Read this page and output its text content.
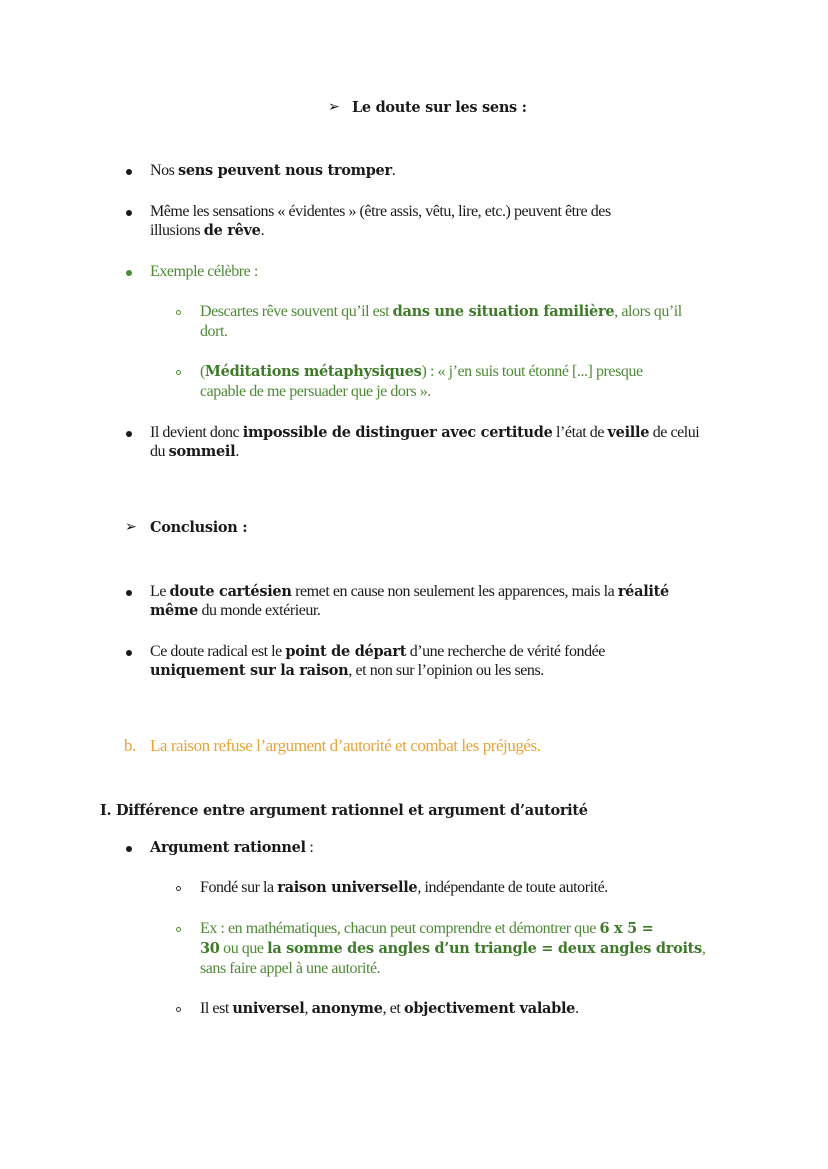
➢ Le doute sur les sens :
Nos sens peuvent nous tromper.
Même les sensations « évidentes » (être assis, vêtu, lire, etc.) peuvent être des
illusions de rêve.
Exemple célèbre :
Descartes rêve souvent qu’il est dans une situation familière, alors qu’il
dort.
(Méditations métaphysiques) : « j’en suis tout étonné [...] presque
capable de me persuader que je dors ».
Il devient donc impossible de distinguer avec certitude l’état de veille de celui
du sommeil.
➢ Conclusion :
Le doute cartésien remet en cause non seulement les apparences, mais la réalité
même du monde extérieur.
Ce doute radical est le point de départ d’une recherche de vérité fondée
uniquement sur la raison, et non sur l’opinion ou les sens.
b. La raison refuse l’argument d’autorité et combat les préjugés.
I. Différence entre argument rationnel et argument d’autorité
Argument rationnel :
Fondé sur la raison universelle, indépendante de toute autorité.
Ex : en mathématiques, chacun peut comprendre et démontrer que 6 x 5 =
30 ou que la somme des angles d’un triangle = deux angles droits,
sans faire appel à une autorité.
Il est universel, anonyme, et objectivement valable.
